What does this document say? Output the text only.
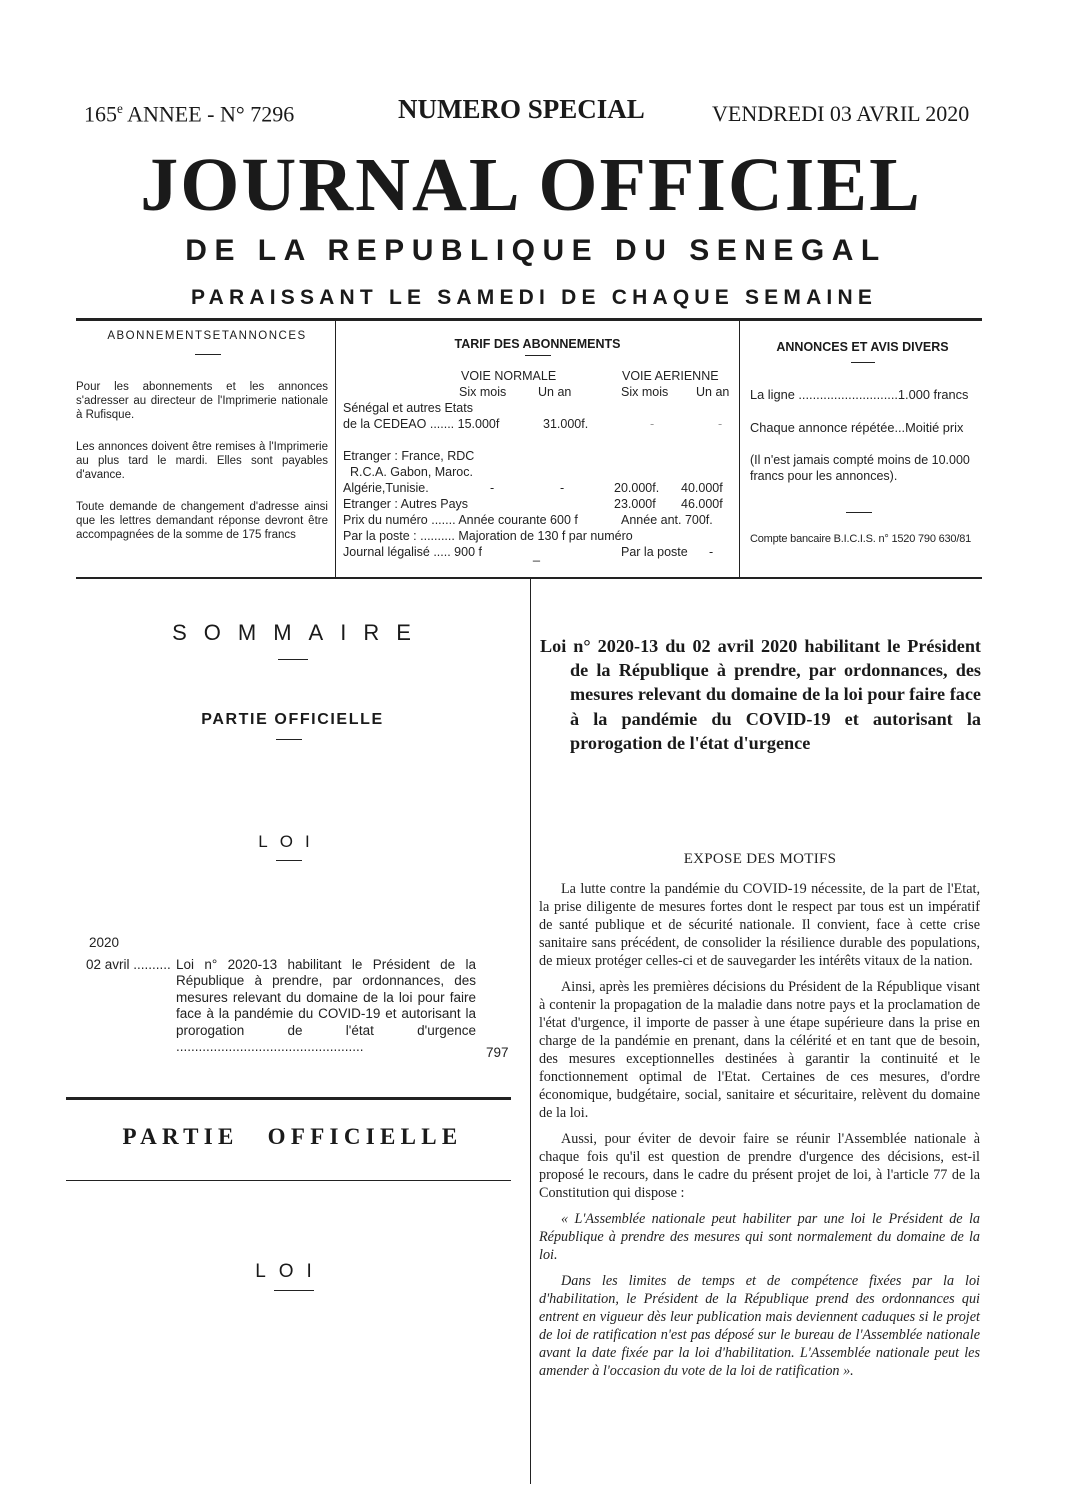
165e ANNEE - N° 7296	NUMERO SPECIAL	VENDREDI 03 AVRIL 2020
JOURNAL OFFICIEL
DE LA REPUBLIQUE DU SENEGAL
PARAISSANT LE SAMEDI DE CHAQUE SEMAINE
ABONNEMENTSETANNONCES
Pour les abonnements et les annonces s'adresser au directeur de l'Imprimerie nationale à Rufisque.
Les annonces doivent être remises à l'Imprimerie au plus tard le mardi. Elles sont payables d'avance.
Toute demande de changement d'adresse ainsi que les lettres demandant réponse devront être accompagnées de la somme de 175 francs
TARIF DES ABONNEMENTS
VOIE NORMALE	VOIE AERIENNE
Six mois	Un an	Six mois Un an
Sénégal et autres Etats
de la CEDEAO ....... 15.000f	31.000f.	-	-
Etranger : France, RDC
R.C.A. Gabon, Maroc.
Algérie,Tunisie.	-	-	20.000f. 40.000f
Etranger : Autres Pays	23.000f 46.000f
Prix du numéro ....... Année courante 600 f	Année ant. 700f.
Par la poste : .......... Majoration de 130 f par numéro
Journal légalisé ..... 900 f	_	Par la poste -
ANNONCES ET AVIS DIVERS
La ligne ............................1.000 francs
Chaque annonce répétée...Moitié prix
(Il n'est jamais compté moins de 10.000 francs pour les annonces).
Compte bancaire B.I.C.I.S. n° 1520 790 630/81
SOMMAIRE
PARTIE OFFICIELLE
LOI
2020
02 avril .......... Loi n° 2020-13 habilitant le Président de la République à prendre, par ordonnances, des mesures relevant du domaine de la loi pour faire face à la pandémie du COVID-19 et autorisant la prorogation de l'état d'urgence ..................................................	797
PARTIE OFFICIELLE
LOI
Loi n° 2020-13 du 02 avril 2020 habilitant le Président de la République à prendre, par ordonnances, des mesures relevant du domaine de la loi pour faire face à la pandémie du COVID-19 et autorisant la prorogation de l'état d'urgence
EXPOSE DES MOTIFS

La lutte contre la pandémie du COVID-19 nécessite, de la part de l'Etat, la prise diligente de mesures fortes dont le respect par tous est un impératif de santé publique et de sécurité nationale. Il convient, face à cette crise sanitaire sans précédent, de consolider la résilience durable des populations, de mieux protéger celles-ci et de sauvegarder les intérêts vitaux de la nation.

Ainsi, après les premières décisions du Président de la République visant à contenir la propagation de la maladie dans notre pays et la proclamation de l'état d'urgence, il importe de passer à une étape supérieure dans la prise en charge de la pandémie en prenant, dans la célérité et en tant que de besoin, des mesures exceptionnelles destinées à garantir la continuité et le fonctionnement optimal de l'Etat. Certaines de ces mesures, d'ordre économique, budgétaire, social, sanitaire et sécuritaire, relèvent du domaine de la loi.

Aussi, pour éviter de devoir faire se réunir l'Assemblée nationale à chaque fois qu'il est question de prendre d'urgence des décisions, est-il proposé le recours, dans le cadre du présent projet de loi, à l'article 77 de la Constitution qui dispose :

« L'Assemblée nationale peut habiliter par une loi le Président de la République à prendre des mesures qui sont normalement du domaine de la loi.

Dans les limites de temps et de compétence fixées par la loi d'habilitation, le Président de la République prend des ordonnances qui entrent en vigueur dès leur publication mais deviennent caduques si le projet de loi de ratification n'est pas déposé sur le bureau de l'Assemblée nationale avant la date fixée par la loi d'habilitation. L'Assemblée nationale peut les amender à l'occasion du vote de la loi de ratification ».
